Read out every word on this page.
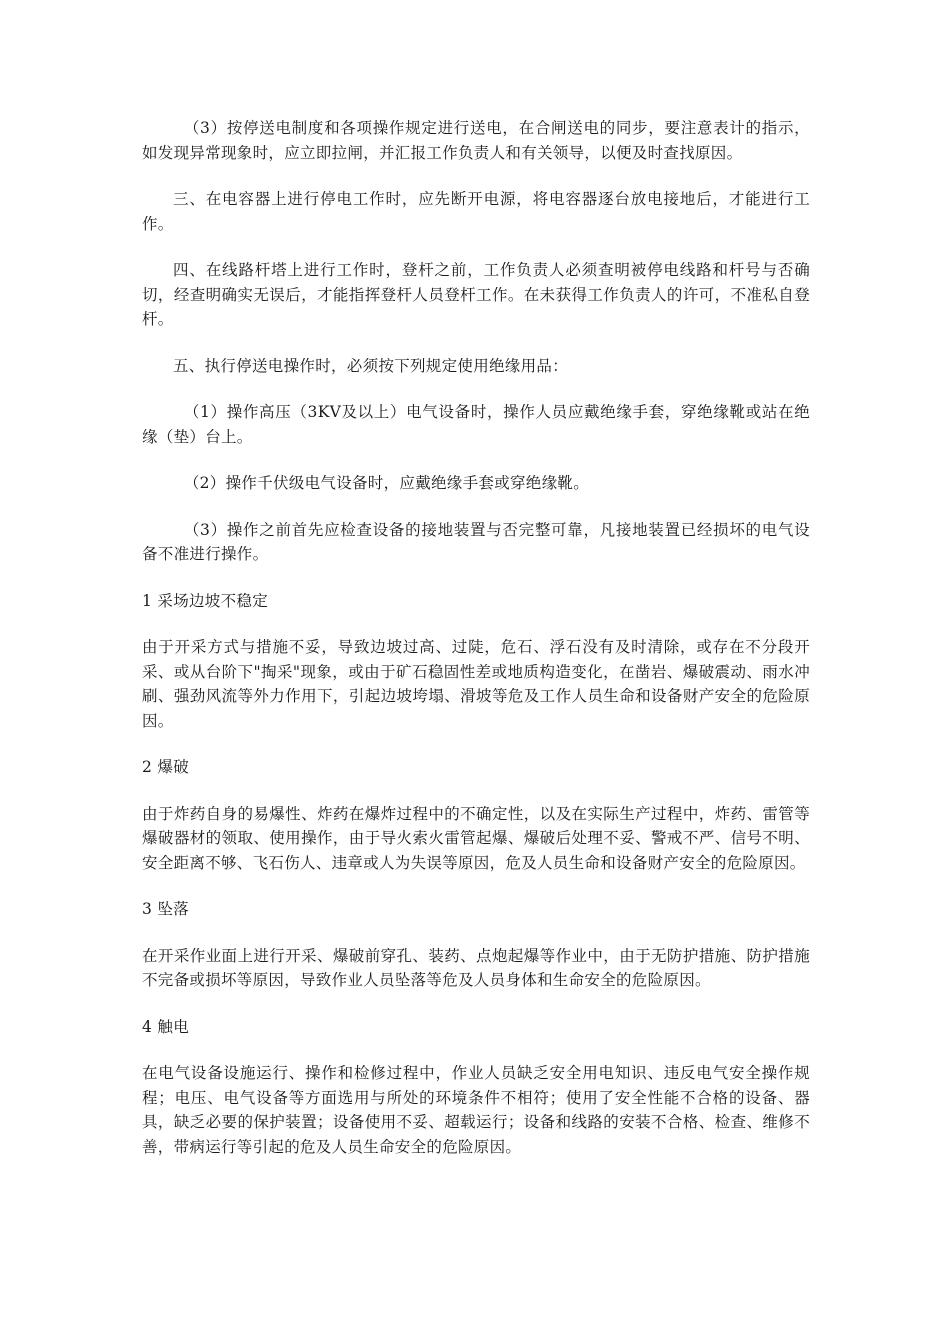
（3）按停送电制度和各项操作规定进行送电，在合闸送电的同步，要注意表计的指示，如发现异常现象时，应立即拉闸，并汇报工作负责人和有关领导，以便及时查找原因。

三、在电容器上进行停电工作时，应先断开电源，将电容器逐台放电接地后，才能进行工作。

四、在线路杆塔上进行工作时，登杆之前，工作负责人必须查明被停电线路和杆号与否确切，经查明确实无误后，才能指挥登杆人员登杆工作。在未获得工作负责人的许可，不准私自登杆。

五、执行停送电操作时，必须按下列规定使用绝缘用品：

（1）操作高压（3KV及以上）电气设备时，操作人员应戴绝缘手套，穿绝缘靴或站在绝缘（垫）台上。

（2）操作千伏级电气设备时，应戴绝缘手套或穿绝缘靴。

（3）操作之前首先应检查设备的接地装置与否完整可靠，凡接地装置已经损坏的电气设备不准进行操作。

1 采场边坡不稳定

由于开采方式与措施不妥，导致边坡过高、过陡，危石、浮石没有及时清除，或存在不分段开采、或从台阶下"掏采"现象，或由于矿石稳固性差或地质构造变化，在凿岩、爆破震动、雨水冲刷、强劲风流等外力作用下，引起边坡垮塌、滑坡等危及工作人员生命和设备财产安全的危险原因。

2 爆破

由于炸药自身的易爆性、炸药在爆炸过程中的不确定性，以及在实际生产过程中，炸药、雷管等爆破器材的领取、使用操作，由于导火索火雷管起爆、爆破后处理不妥、警戒不严、信号不明、安全距离不够、飞石伤人、违章或人为失误等原因，危及人员生命和设备财产安全的危险原因。

3 坠落

在开采作业面上进行开采、爆破前穿孔、装药、点炮起爆等作业中，由于无防护措施、防护措施不完备或损坏等原因，导致作业人员坠落等危及人员身体和生命安全的危险原因。

4 触电

在电气设备设施运行、操作和检修过程中，作业人员缺乏安全用电知识、违反电气安全操作规程；电压、电气设备等方面选用与所处的环境条件不相符；使用了安全性能不合格的设备、器具，缺乏必要的保护装置；设备使用不妥、超载运行；设备和线路的安装不合格、检查、维修不善，带病运行等引起的危及人员生命安全的危险原因。
